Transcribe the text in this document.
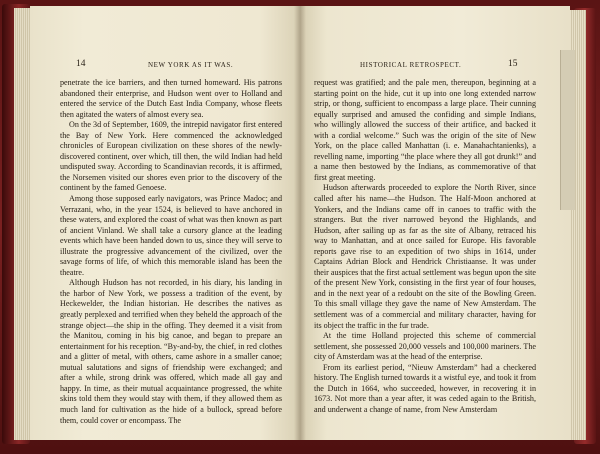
14	NEW YORK AS IT WAS.

penetrate the ice barriers, and then turned homeward. His patrons abandoned their enterprise, and Hudson went over to Holland and entered the service of the Dutch East India Company, whose fleets then agitated the waters of almost every sea.

On the 3d of September, 1609, the intrepid navigator first entered the Bay of New York. Here commenced the acknowledged chronicles of European civilization on these shores of the newly-discovered continent, over which, till then, the wild Indian had held undisputed sway. According to Scandinavian records, it is affirmed, the Norsemen visited our shores even prior to the discovery of the continent by the famed Genoese.

Among those supposed early navigators, was Prince Madoc; and Verrazani, who, in the year 1524, is believed to have anchored in these waters, and explored the coast of what was then known as part of ancient Vinland. We shall take a cursory glance at the leading events which have been handed down to us, since they will serve to illustrate the progressive advancement of the civilized, over the savage forms of life, of which this memorable island has been the theatre.

Although Hudson has not recorded, in his diary, his landing in the harbor of New York, we possess a tradition of the event, by Heckewelder, the Indian historian. He describes the natives as greatly perplexed and terrified when they beheld the approach of the strange object—the ship in the offing. They deemed it a visit from the Manitou, coming in his big canoe, and began to prepare an entertainment for his reception. “By-and-by, the chief, in red clothes and a glitter of metal, with others, came ashore in a smaller canoe; mutual salutations and signs of friendship were exchanged; and after a while, strong drink was offered, which made all gay and happy. In time, as their mutual acquaintance progressed, the white skins told them they would stay with them, if they allowed them as much land for cultivation as the hide of a bullock, spread before them, could cover or encompass. The

HISTORICAL RETROSPECT.	15

request was gratified; and the pale men, thereupon, beginning at a starting point on the hide, cut it up into one long extended narrow strip, or thong, sufficient to encompass a large place. Their cunning equally surprised and amused the confiding and simple Indians, who willingly allowed the success of their artifice, and backed it with a cordial welcome.” Such was the origin of the site of New York, on the place called Manhattan (i. e. Manahachtanienks), a revelling name, importing “the place where they all got drunk!” and a name then bestowed by the Indians, as commemorative of that first great meeting.

Hudson afterwards proceeded to explore the North River, since called after his name—the Hudson. The Half-Moon anchored at Yonkers, and the Indians came off in canoes to traffic with the strangers. But the river narrowed beyond the Highlands, and Hudson, after sailing up as far as the site of Albany, retraced his way to Manhattan, and at once sailed for Europe. His favorable reports gave rise to an expedition of two ships in 1614, under Captains Adrian Block and Hendrick Christiaanse. It was under their auspices that the first actual settlement was begun upon the site of the present New York, consisting in the first year of four houses, and in the next year of a redoubt on the site of the Bowling Green. To this small village they gave the name of New Amsterdam. The settlement was of a commercial and military character, having for its object the traffic in the fur trade.

At the time Holland projected this scheme of commercial settlement, she possessed 20,000 vessels and 100,000 mariners. The city of Amsterdam was at the head of the enterprise.

From its earliest period, “Nieuw Amsterdam” had a checkered history. The English turned towards it a wistful eye, and took it from the Dutch in 1664, who succeeded, however, in recovering it in 1673. Not more than a year after, it was ceded again to the British, and underwent a change of name, from New Amsterdam
